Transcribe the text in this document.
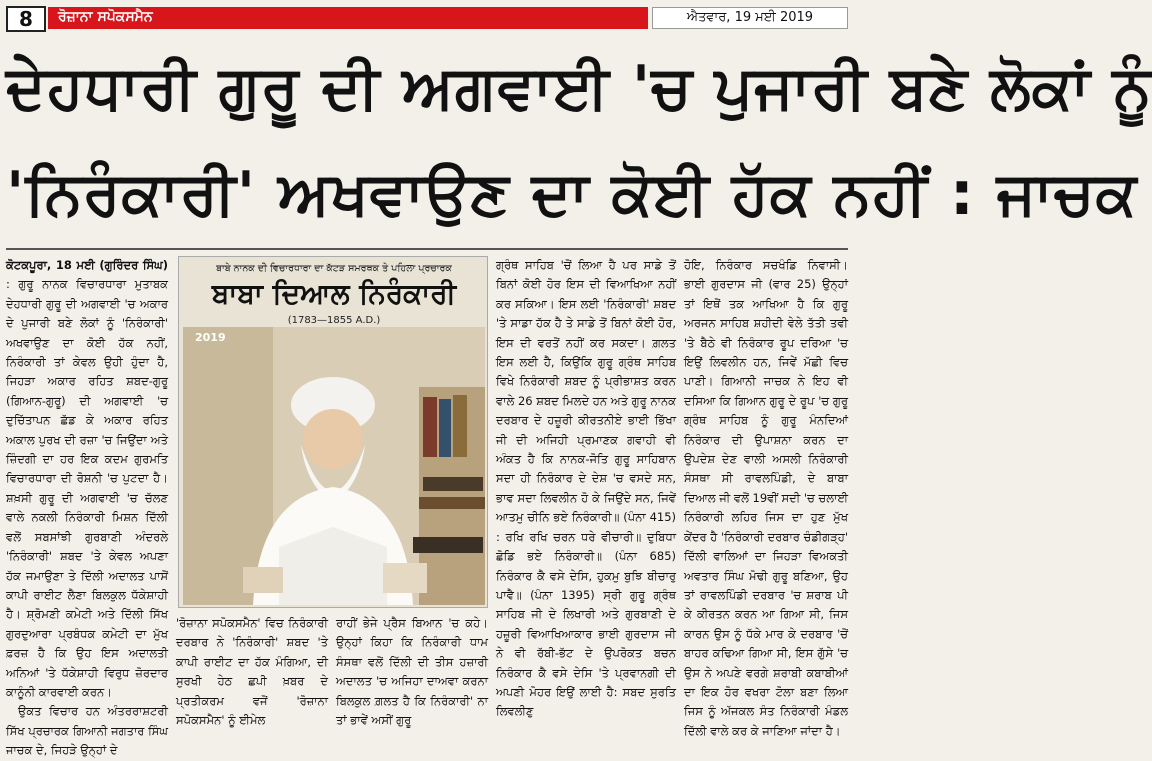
8	ਰੋਜ਼ਾਨਾ ਸਪੋਕਸਮੈਨ	ਐਤਵਾਰ, 19 ਮਈ 2019
ਦੇਹਧਾਰੀ ਗੁਰੂ ਦੀ ਅਗਵਾਈ 'ਚ ਪੁਜਾਰੀ ਬਣੇ ਲੋਕਾਂ ਨੂੰ
'ਨਿਰੰਕਾਰੀ' ਅਖਵਾਉਣ ਦਾ ਕੋਈ ਹੱਕ ਨਹੀਂ : ਜਾਚਕ

ਕੋਟਕਪੂਰਾ, 18 ਮਈ (ਗੁਰਿੰਦਰ ਸਿੰਘ) : ਗੁਰੂ ਨਾਨਕ ਵਿਚਾਰਧਾਰਾ ਮੁਤਾਬਕ ਦੇਹਧਾਰੀ ਗੁਰੂ ਦੀ ਅਗਵਾਈ 'ਚ ਅਕਾਰ ਦੇ ਪੁਜਾਰੀ ਬਣੇ ਲੋਕਾਂ ਨੂੰ 'ਨਿਰੰਕਾਰੀ' ਅਖਵਾਉਣ ਦਾ ਕੋਈ ਹੱਕ ਨਹੀਂ, ਨਿਰੰਕਾਰੀ ਤਾਂ ਕੇਵਲ ਉਹੀ ਹੁੰਦਾ ਹੈ, ਜਿਹੜਾ ਅਕਾਰ ਰਹਿਤ ਸ਼ਬਦ-ਗੁਰੂ (ਗਿਆਨ-ਗੁਰੂ) ਦੀ ਅਗਵਾਈ 'ਚ ਦੁਚਿੱਤਾਪਨ ਛੱਡ ਕੇ ਅਕਾਰ ਰਹਿਤ ਅਕਾਲ ਪੁਰਖ ਦੀ ਰਜ਼ਾ 'ਚ ਜਿਉਂਦਾ ਅਤੇ ਜ਼ਿੰਦਗੀ ਦਾ ਹਰ ਇਕ ਕਦਮ ਗੁਰਮਤਿ ਵਿਚਾਰਧਾਰਾ ਦੀ ਰੋਸ਼ਨੀ 'ਚ ਪੁਟਦਾ ਹੈ। ਸ਼ਖ਼ਸੀ ਗੁਰੂ ਦੀ ਅਗਵਾਈ 'ਚ ਚੱਲਣ ਵਾਲੇ ਨਕਲੀ ਨਿਰੰਕਾਰੀ ਮਿਸ਼ਨ ਦਿੱਲੀ ਵਲੋਂ ਸਬਸਾਂਝੀ ਗੁਰਬਾਣੀ ਅੰਦਰਲੇ 'ਨਿਰੰਕਾਰੀ' ਸ਼ਬਦ 'ਤੇ ਕੇਵਲ ਅਪਣਾ ਹੱਕ ਜਮਾਉਣਾ ਤੇ ਦਿੱਲੀ ਅਦਾਲਤ ਪਾਸੋਂ ਕਾਪੀ ਰਾਈਟ ਲੈਣਾ ਬਿਲਕੁਲ ਧੱਕੇਸ਼ਾਹੀ ਹੈ। ਸ਼੍ਰੋਮਣੀ ਕਮੇਟੀ ਅਤੇ ਦਿੱਲੀ ਸਿੱਖ ਗੁਰਦੁਆਰਾ ਪ੍ਰਬੰਧਕ ਕਮੇਟੀ ਦਾ ਮੁੱਖ ਫ਼ਰਜ਼ ਹੈ ਕਿ ਉਹ ਇਸ ਅਦਾਲਤੀ ਅਨਿਆਂ 'ਤੇ ਧੱਕੇਸ਼ਾਹੀ ਵਿਰੁਧ ਜ਼ੋਰਦਾਰ ਕਾਨੂੰਨੀ ਕਾਰਵਾਈ ਕਰਨ।

ਉਕਤ ਵਿਚਾਰ ਹਨ ਅੰਤਰਰਾਸ਼ਟਰੀ ਸਿੱਖ ਪ੍ਰਚਾਰਕ ਗਿਆਨੀ ਜਗਤਾਰ ਸਿੰਘ ਜਾਚਕ ਦੇ, ਜਿਹੜੇ ਉਨ੍ਹਾਂ ਦੇ

ਬਾਬੇ ਨਾਨਕ ਦੀ ਵਿਚਾਰਧਾਰਾ ਦਾ ਕੱਟੜ ਸਮਰਥਕ ਤੇ ਪਹਿਲਾ ਪ੍ਰਚਾਰਕ
ਬਾਬਾ ਦਿਆਲ ਨਿਰੰਕਾਰੀ
(1783—1855 A.D.)
2019
'ਰੋਜ਼ਾਨਾ ਸਪੋਕਸਮੈਨ' ਵਿਚ ਨਿਰੰਕਾਰੀ ਦਰਬਾਰ ਨੇ 'ਨਿਰੰਕਾਰੀ' ਸ਼ਬਦ 'ਤੇ ਕਾਪੀ ਰਾਈਟ ਦਾ ਹੱਕ ਮੰਗਿਆ, ਦੀ ਸੁਰਖੀ ਹੇਠ ਛਪੀ ਖ਼ਬਰ ਦੇ ਪ੍ਰਤੀਕਰਮ ਵਜੋਂ 'ਰੋਜ਼ਾਨਾ ਸਪੋਕਸਮੈਨ' ਨੂੰ ਈਮੇਲ
ਰਾਹੀਂ ਭੇਜੇ ਪ੍ਰੈਸ ਬਿਆਨ 'ਚ ਕਹੇ। ਉਨ੍ਹਾਂ ਕਿਹਾ ਕਿ ਨਿਰੰਕਾਰੀ ਧਾਮ ਸੰਸਥਾ ਵਲੋਂ ਦਿੱਲੀ ਦੀ ਤੀਸ ਹਜ਼ਾਰੀ ਅਦਾਲਤ 'ਚ ਅਜਿਹਾ ਦਾਅਵਾ ਕਰਨਾ ਬਿਲਕੁਲ ਗ਼ਲਤ ਹੈ ਕਿ ਨਿਰੰਕਾਰੀ' ਨਾ ਤਾਂ ਭਾਵੇਂ ਅਸੀਂ ਗੁਰੂ
ਗ੍ਰੰਥ ਸਾਹਿਬ 'ਚੋਂ ਲਿਆ ਹੈ ਪਰ ਸਾਡੇ ਤੋਂ ਬਿਨਾਂ ਕੋਈ ਹੋਰ ਇਸ ਦੀ ਵਿਆਖਿਆ ਨਹੀਂ ਕਰ ਸਕਿਆ। ਇਸ ਲਈ 'ਨਿਰੰਕਾਰੀ' ਸ਼ਬਦ 'ਤੇ ਸਾਡਾ ਹੱਕ ਹੈ ਤੇ ਸਾਡੇ ਤੋਂ ਬਿਨਾਂ ਕੋਈ ਹੋਰ, ਇਸ ਦੀ ਵਰਤੋਂ ਨਹੀਂ ਕਰ ਸਕਦਾ। ਗ਼ਲਤ ਇਸ ਲਈ ਹੈ, ਕਿਉਂਕਿ ਗੁਰੂ ਗ੍ਰੰਥ ਸਾਹਿਬ ਵਿਖੇ ਨਿਰੰਕਾਰੀ ਸ਼ਬਦ ਨੂੰ ਪ੍ਰੀਭਾਸ਼ਤ ਕਰਨ ਵਾਲੇ 26 ਸ਼ਬਦ ਮਿਲਦੇ ਹਨ ਅਤੇ ਗੁਰੂ ਨਾਨਕ ਦਰਬਾਰ ਦੇ ਹਜ਼ੂਰੀ ਕੀਰਤਨੀਏ ਭਾਈ ਭਿੱਖਾ ਜੀ ਦੀ ਅਜਿਹੀ ਪ੍ਰਮਾਣਕ ਗਵਾਹੀ ਵੀ ਅੰਕਤ ਹੈ ਕਿ ਨਾਨਕ-ਜੋਤਿ ਗੁਰੂ ਸਾਹਿਬਾਨ ਸਦਾ ਹੀ ਨਿਰੰਕਾਰ ਦੇ ਦੇਸ਼ 'ਚ ਵਸਦੇ ਸਨ, ਭਾਵ ਸਦਾ ਲਿਵਲੀਨ ਹੋ ਕੇ ਜਿਉਂਦੇ ਸਨ, ਜਿਵੇਂ ਆਤਮੁ ਚੀਨਿ ਭਏ ਨਿਰੰਕਾਰੀ॥ (ਪੰਨਾ 415) : ਰਖਿ ਰਖਿ ਚਰਨ ਧਰੇ ਵੀਚਾਰੀ॥ ਦੁਬਿਧਾ ਛੋਡਿ ਭਏ ਨਿਰੰਕਾਰੀ॥ (ਪੰਨਾ 685) ਨਿਰੰਕਾਰ ਕੈ ਵਸੇ ਦੇਸਿ, ਹੁਕਮੁ ਬੁਝਿ ਬੀਚਾਰੁ ਪਾਵੈ॥ (ਪੰਨਾ 1395) ਸ੍ਰੀ ਗੁਰੂ ਗ੍ਰੰਥ ਸਾਹਿਬ ਜੀ ਦੇ ਲਿਖਾਰੀ ਅਤੇ ਗੁਰਬਾਣੀ ਦੇ ਹਜ਼ੂਰੀ ਵਿਆਖਿਆਕਾਰ ਭਾਈ ਗੁਰਦਾਸ ਜੀ ਨੇ ਵੀ ਰੱਬੀ-ਭੱਟ ਦੇ ਉਪਰੋਕਤ ਬਚਨ ਨਿਰੰਕਾਰ ਕੈ ਵਸੇ ਦੇਸਿ 'ਤੇ ਪ੍ਰਵਾਨਗੀ ਦੀ ਅਪਣੀ ਮੋਹਰ ਇਉਂ ਲਾਈ ਹੈ: ਸਬਦ ਸੁਰਤਿ ਲਿਵਲੀਣੁ
ਹੋਇ, ਨਿਰੰਕਾਰ ਸਚਖੰਡਿ ਨਿਵਾਸੀ। ਭਾਈ ਗੁਰਦਾਸ ਜੀ (ਵਾਰ 25) ਉਨ੍ਹਾਂ ਤਾਂ ਇਥੋਂ ਤਕ ਆਖਿਆ ਹੈ ਕਿ ਗੁਰੂ ਅਰਜਨ ਸਾਹਿਬ ਸ਼ਹੀਦੀ ਵੇਲੇ ਤੱਤੀ ਤਵੀ 'ਤੇ ਬੈਠੇ ਵੀ ਨਿਰੰਕਾਰ ਰੂਪ ਦਰਿਆ 'ਚ ਇਉਂ ਲਿਵਲੀਨ ਹਨ, ਜਿਵੇਂ ਮੱਛੀ ਵਿਚ ਪਾਣੀ। ਗਿਆਨੀ ਜਾਚਕ ਨੇ ਇਹ ਵੀ ਦਸਿਆ ਕਿ ਗਿਆਨ ਗੁਰੂ ਦੇ ਰੂਪ 'ਚ ਗੁਰੂ ਗ੍ਰੰਥ ਸਾਹਿਬ ਨੂੰ ਗੁਰੂ ਮੰਨਦਿਆਂ ਨਿਰੰਕਾਰ ਦੀ ਉਪਾਸ਼ਨਾ ਕਰਨ ਦਾ ਉਪਦੇਸ਼ ਦੇਣ ਵਾਲੀ ਅਸਲੀ ਨਿਰੰਕਾਰੀ ਸੰਸਥਾ ਸੀ ਰਾਵਲਪਿੰਡੀ, ਦੇ ਬਾਬਾ ਦਿਆਲ ਜੀ ਵਲੋਂ 19ਵੀਂ ਸਦੀ 'ਚ ਚਲਾਈ ਨਿਰੰਕਾਰੀ ਲਹਿਰ ਜਿਸ ਦਾ ਹੁਣ ਮੁੱਖ ਕੇਂਦਰ ਹੈ 'ਨਿਰੰਕਾਰੀ ਦਰਬਾਰ ਚੰਡੀਗੜ੍ਹ' ਦਿੱਲੀ ਵਾਲਿਆਂ ਦਾ ਜਿਹੜਾ ਵਿਅਕਤੀ ਅਵਤਾਰ ਸਿੰਘ ਮੋਢੀ ਗੁਰੂ ਬਣਿਆ, ਉਹ ਤਾਂ ਰਾਵਲਪਿੰਡੀ ਦਰਬਾਰ 'ਚ ਸ਼ਰਾਬ ਪੀ ਕੇ ਕੀਰਤਨ ਕਰਨ ਆ ਗਿਆ ਸੀ, ਜਿਸ ਕਾਰਨ ਉਸ ਨੂੰ ਧੱਕੇ ਮਾਰ ਕੇ ਦਰਬਾਰ 'ਚੋਂ ਬਾਹਰ ਕਢਿਆ ਗਿਆ ਸੀ, ਇਸ ਗੁੱਸੇ 'ਚ ਉਸ ਨੇ ਅਪਣੇ ਵਰਗੇ ਸ਼ਰਾਬੀ ਕਬਾਬੀਆਂ ਦਾ ਇਕ ਹੋਰ ਵਖਰਾ ਟੋਲਾ ਬਣਾ ਲਿਆ ਜਿਸ ਨੂੰ ਅੱਜਕਲ ਸੰਤ ਨਿਰੰਕਾਰੀ ਮੰਡਲ ਦਿੱਲੀ ਵਾਲੇ ਕਰ ਕੇ ਜਾਣਿਆ ਜਾਂਦਾ ਹੈ।
